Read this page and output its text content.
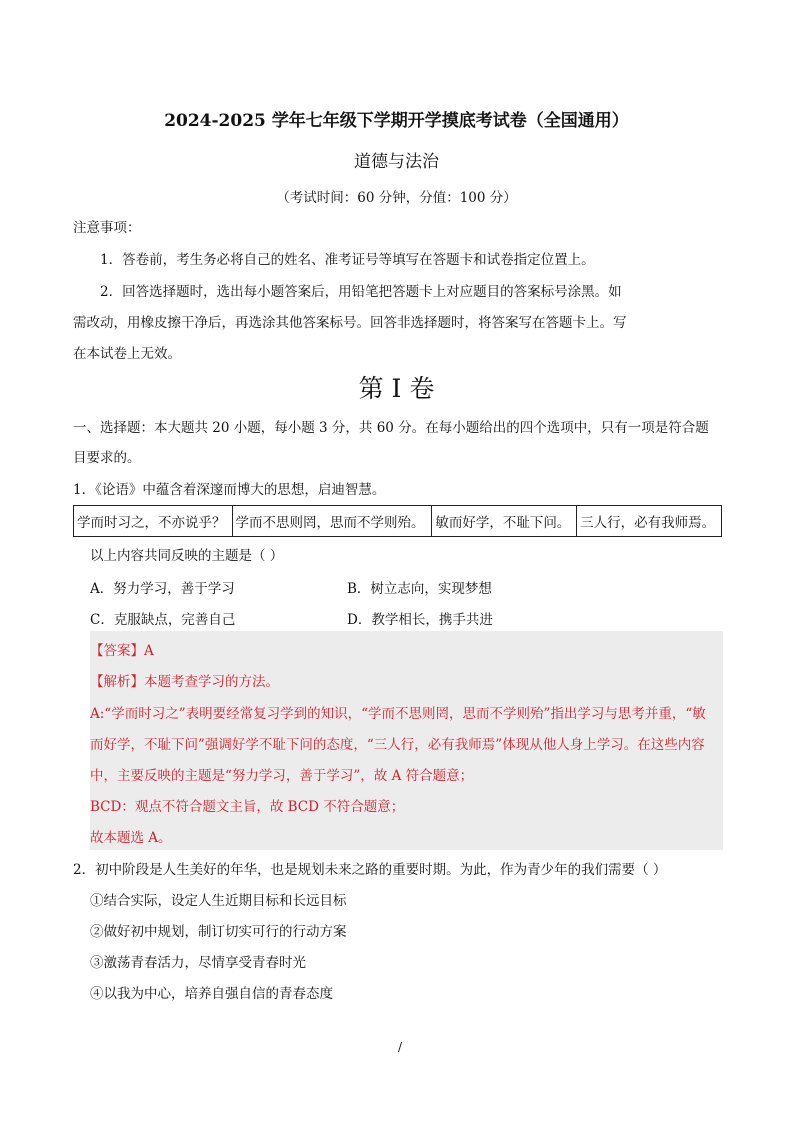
2024-2025 学年七年级下学期开学摸底考试卷（全国通用）
道德与法治
（考试时间：60 分钟，分值：100 分）
注意事项：
1．答卷前，考生务必将自己的姓名、准考证号等填写在答题卡和试卷指定位置上。
2．回答选择题时，选出每小题答案后，用铅笔把答题卡上对应题目的答案标号涂黑。如
需改动，用橡皮擦干净后，再选涂其他答案标号。回答非选择题时，将答案写在答题卡上。写
在本试卷上无效。
第 I 卷
一、选择题：本大题共 20 小题，每小题 3 分，共 60 分。在每小题给出的四个选项中，只有一项是符合题
目要求的。
1．《论语》中蕴含着深邃而博大的思想，启迪智慧。
学而时习之，不亦说乎？	学而不思则罔，思而不学则殆。	敏而好学，不耻下问。	三人行，必有我师焉。
以上内容共同反映的主题是（ ）
A．努力学习，善于学习	B．树立志向，实现梦想
C．克服缺点，完善自己	D．教学相长，携手共进
【答案】A
【解析】本题考查学习的方法。
A:“学而时习之”表明要经常复习学到的知识，“学而不思则罔，思而不学则殆”指出学习与思考并重，“敏
而好学，不耻下问”强调好学不耻下问的态度，“三人行，必有我师焉”体现从他人身上学习。在这些内容
中，主要反映的主题是“努力学习，善于学习”，故 A 符合题意；
BCD：观点不符合题文主旨，故 BCD 不符合题意；
故本题选 A。
2．初中阶段是人生美好的年华，也是规划未来之路的重要时期。为此，作为青少年的我们需要（ ）
①结合实际，设定人生近期目标和长远目标
②做好初中规划，制订切实可行的行动方案
③激荡青春活力，尽情享受青春时光
④以我为中心，培养自强自信的青春态度
/
